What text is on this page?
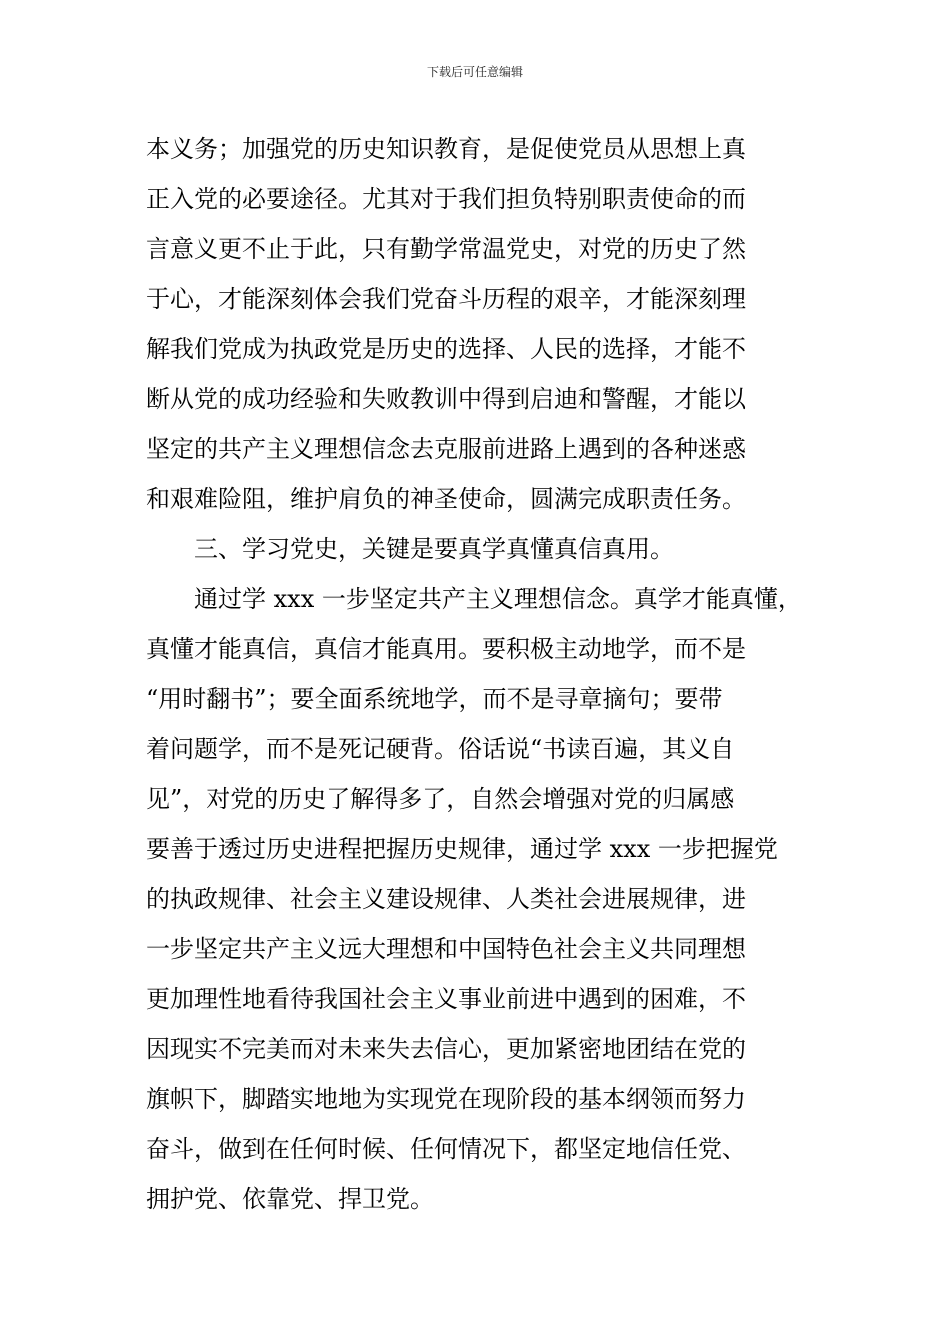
下载后可任意编辑
本义务；加强党的历史知识教育，是促使党员从思想上真
正入党的必要途径。尤其对于我们担负特别职责使命的而
言意义更不止于此，只有勤学常温党史，对党的历史了然
于心，才能深刻体会我们党奋斗历程的艰辛，才能深刻理
解我们党成为执政党是历史的选择、人民的选择，才能不
断从党的成功经验和失败教训中得到启迪和警醒，才能以
坚定的共产主义理想信念去克服前进路上遇到的各种迷惑
和艰难险阻，维护肩负的神圣使命，圆满完成职责任务。
三、学习党史，关键是要真学真懂真信真用。
通过学 xxx 一步坚定共产主义理想信念。真学才能真懂，
真懂才能真信，真信才能真用。要积极主动地学，而不是
“用时翻书”；要全面系统地学，而不是寻章摘句；要带
着问题学，而不是死记硬背。俗话说“书读百遍，其义自
见”，对党的历史了解得多了，自然会增强对党的归属感
要善于透过历史进程把握历史规律，通过学 xxx 一步把握党
的执政规律、社会主义建设规律、人类社会进展规律，进
一步坚定共产主义远大理想和中国特色社会主义共同理想
更加理性地看待我国社会主义事业前进中遇到的困难，不
因现实不完美而对未来失去信心，更加紧密地团结在党的
旗帜下，脚踏实地地为实现党在现阶段的基本纲领而努力
奋斗，做到在任何时候、任何情况下，都坚定地信任党、
拥护党、依靠党、捍卫党。
